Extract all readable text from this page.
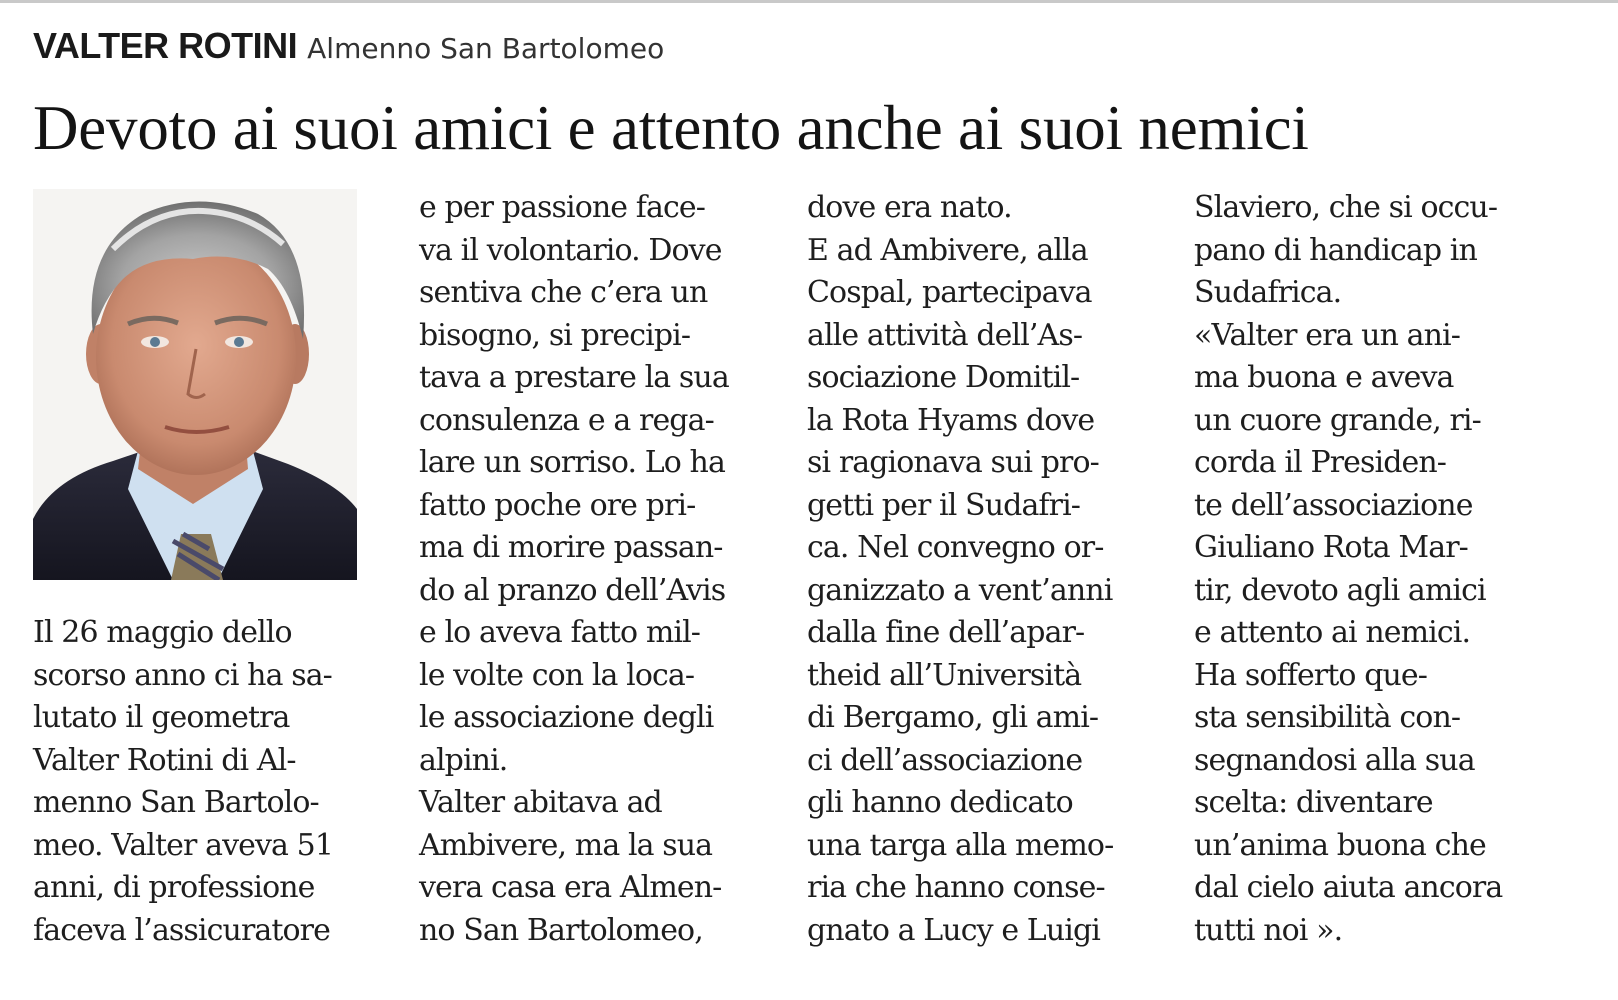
VALTER ROTINI Almenno San Bartolomeo
Devoto ai suoi amici e attento anche ai suoi nemici
Il 26 maggio dello
scorso anno ci ha sa-
lutato il geometra
Valter Rotini di Al-
menno San Bartolo-
meo. Valter aveva 51
anni, di professione
faceva l’assicuratore
e per passione face-
va il volontario. Dove
sentiva che c’era un
bisogno, si precipi-
tava a prestare la sua
consulenza e a rega-
lare un sorriso. Lo ha
fatto poche ore pri-
ma di morire passan-
do al pranzo dell’Avis
e lo aveva fatto mil-
le volte con la loca-
le associazione degli
alpini.
Valter abitava ad
Ambivere, ma la sua
vera casa era Almen-
no San Bartolomeo,
dove era nato.
E ad Ambivere, alla
Cospal, partecipava
alle attività dell’As-
sociazione Domitil-
la Rota Hyams dove
si ragionava sui pro-
getti per il Sudafri-
ca. Nel convegno or-
ganizzato a vent’anni
dalla fine dell’apar-
theid all’Università
di Bergamo, gli ami-
ci dell’associazione
gli hanno dedicato
una targa alla memo-
ria che hanno conse-
gnato a Lucy e Luigi
Slaviero, che si occu-
pano di handicap in
Sudafrica.
«Valter era un ani-
ma buona e aveva
un cuore grande, ri-
corda il Presiden-
te dell’associazione
Giuliano Rota Mar-
tir, devoto agli amici
e attento ai nemici.
Ha sofferto que-
sta sensibilità con-
segnandosi alla sua
scelta: diventare
un’anima buona che
dal cielo aiuta ancora
tutti noi ».
